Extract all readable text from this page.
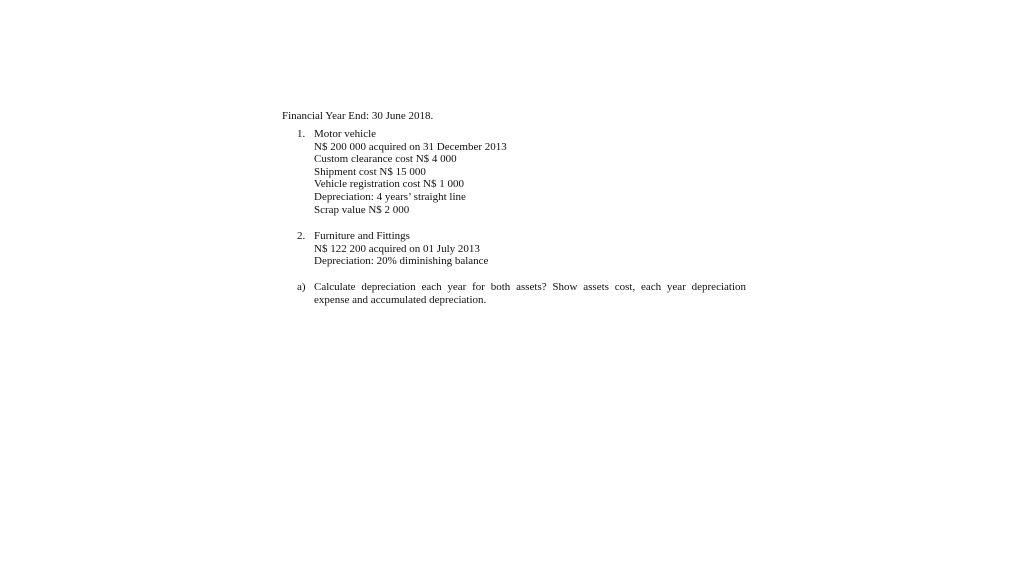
Financial Year End: 30 June 2018.
1. Motor vehicle
N$ 200 000 acquired on 31 December 2013
Custom clearance cost N$ 4 000
Shipment cost N$ 15 000
Vehicle registration cost N$ 1 000
Depreciation: 4 years’ straight line
Scrap value N$ 2 000
2. Furniture and Fittings
N$ 122 200 acquired on 01 July 2013
Depreciation: 20% diminishing balance
a) Calculate depreciation each year for both assets? Show assets cost, each year depreciation
expense and accumulated depreciation.
